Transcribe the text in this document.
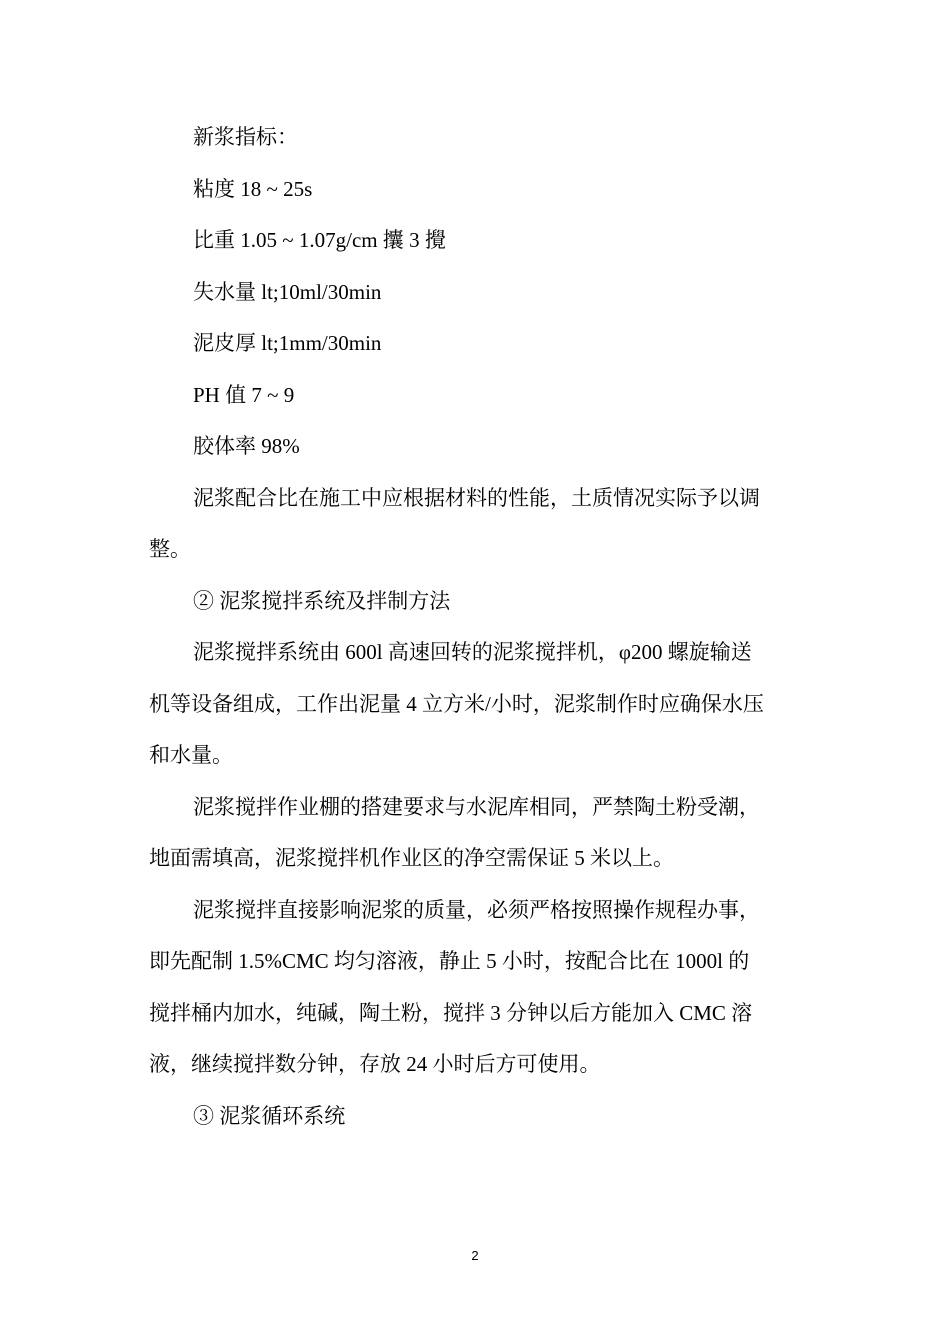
新浆指标：

粘度 18 ~ 25s

比重 1.05 ~ 1.07g/cm 攮 3 攪

失水量 lt;10ml/30min

泥皮厚 lt;1mm/30min

PH 值 7 ~ 9

胶体率 98%

泥浆配合比在施工中应根据材料的性能，土质情况实际予以调

整。

② 泥浆搅拌系统及拌制方法

泥浆搅拌系统由 600l 高速回转的泥浆搅拌机，φ200 螺旋输送

机等设备组成，工作出泥量 4 立方米/小时，泥浆制作时应确保水压

和水量。

泥浆搅拌作业棚的搭建要求与水泥库相同，严禁陶土粉受潮，

地面需填高，泥浆搅拌机作业区的净空需保证 5 米以上。

泥浆搅拌直接影响泥浆的质量，必须严格按照操作规程办事，

即先配制 1.5%CMC 均匀溶液，静止 5 小时，按配合比在 1000l 的

搅拌桶内加水，纯碱，陶土粉，搅拌 3 分钟以后方能加入 CMC 溶

液，继续搅拌数分钟，存放 24 小时后方可使用。

③ 泥浆循环系统

2
